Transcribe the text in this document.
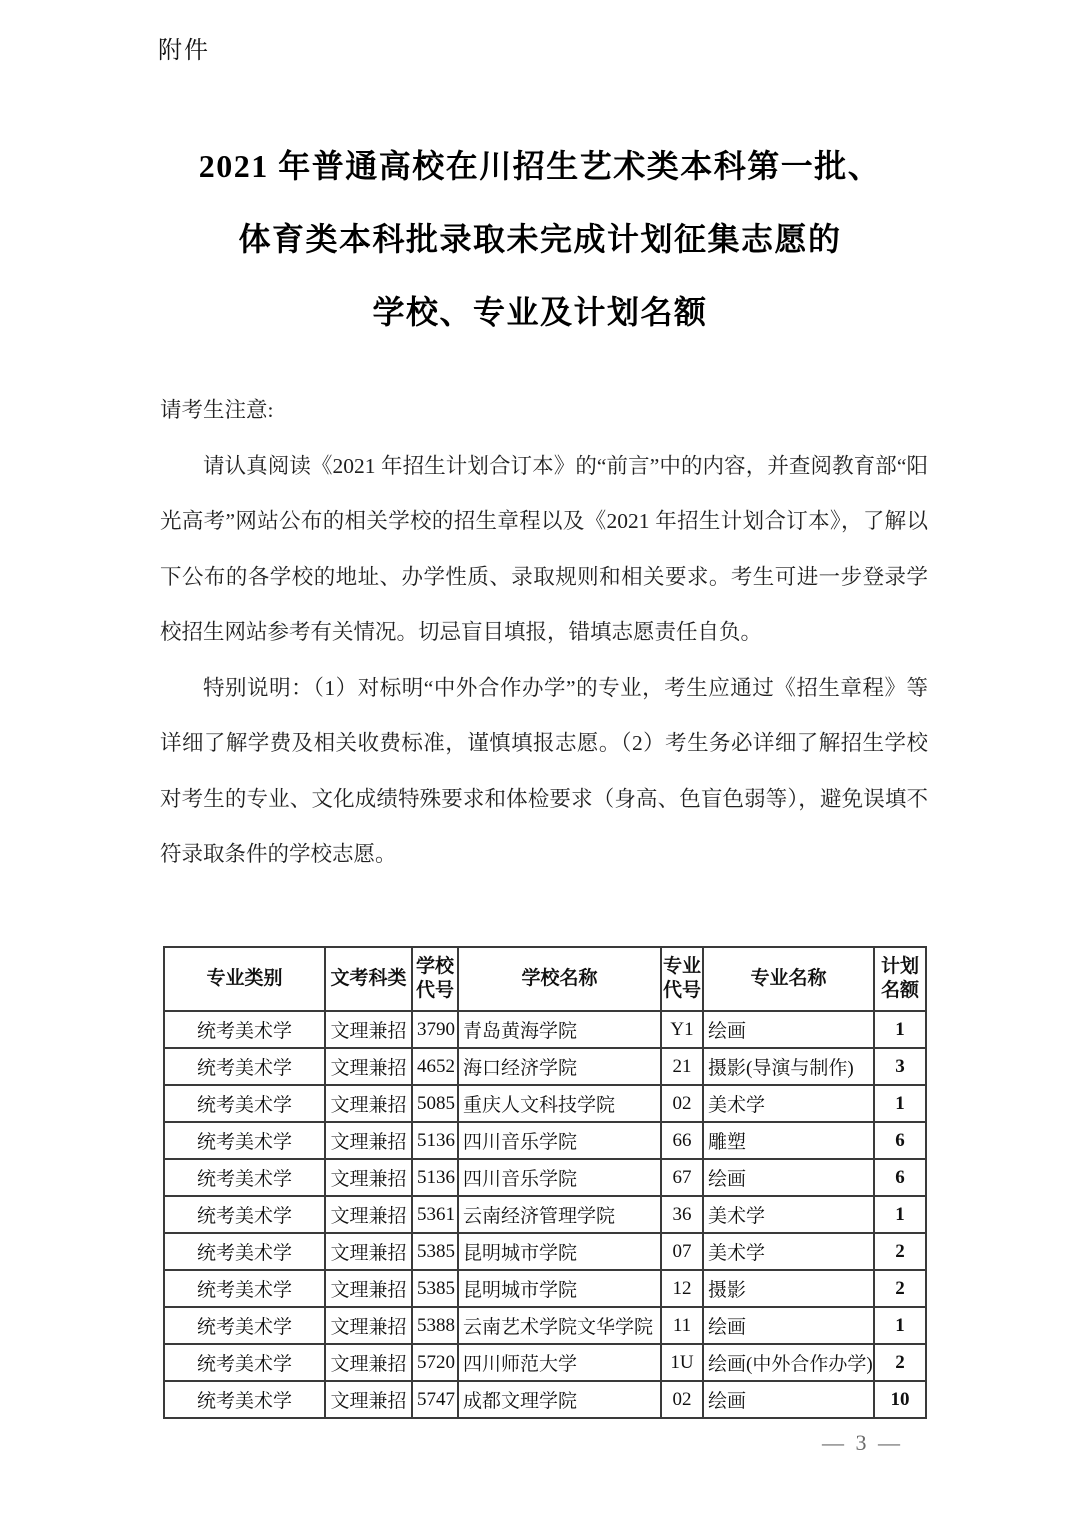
附件
2021 年普通高校在川招生艺术类本科第一批、
体育类本科批录取未完成计划征集志愿的
学校、专业及计划名额

请考生注意:

请认真阅读《2021 年招生计划合订本》的“前言”中的内容，并查阅教育部“阳光高考”网站公布的相关学校的招生章程以及《2021 年招生计划合订本》，了解以下公布的各学校的地址、办学性质、录取规则和相关要求。考生可进一步登录学校招生网站参考有关情况。切忌盲目填报，错填志愿责任自负。

特别说明：（1）对标明“中外合作办学”的专业，考生应通过《招生章程》等详细了解学费及相关收费标准，谨慎填报志愿。（2）考生务必详细了解招生学校对考生的专业、文化成绩特殊要求和体检要求（身高、色盲色弱等），避免误填不符录取条件的学校志愿。

专业类别	文考科类	学校代号	学校名称	专业代号	专业名称	计划名额
统考美术学	文理兼招	3790	青岛黄海学院	Y1	绘画	1
统考美术学	文理兼招	4652	海口经济学院	21	摄影(导演与制作)	3
统考美术学	文理兼招	5085	重庆人文科技学院	02	美术学	1
统考美术学	文理兼招	5136	四川音乐学院	66	雕塑	6
统考美术学	文理兼招	5136	四川音乐学院	67	绘画	6
统考美术学	文理兼招	5361	云南经济管理学院	36	美术学	1
统考美术学	文理兼招	5385	昆明城市学院	07	美术学	2
统考美术学	文理兼招	5385	昆明城市学院	12	摄影	2
统考美术学	文理兼招	5388	云南艺术学院文华学院	11	绘画	1
统考美术学	文理兼招	5720	四川师范大学	1U	绘画(中外合作办学)	2
统考美术学	文理兼招	5747	成都文理学院	02	绘画	10
— 3 —
